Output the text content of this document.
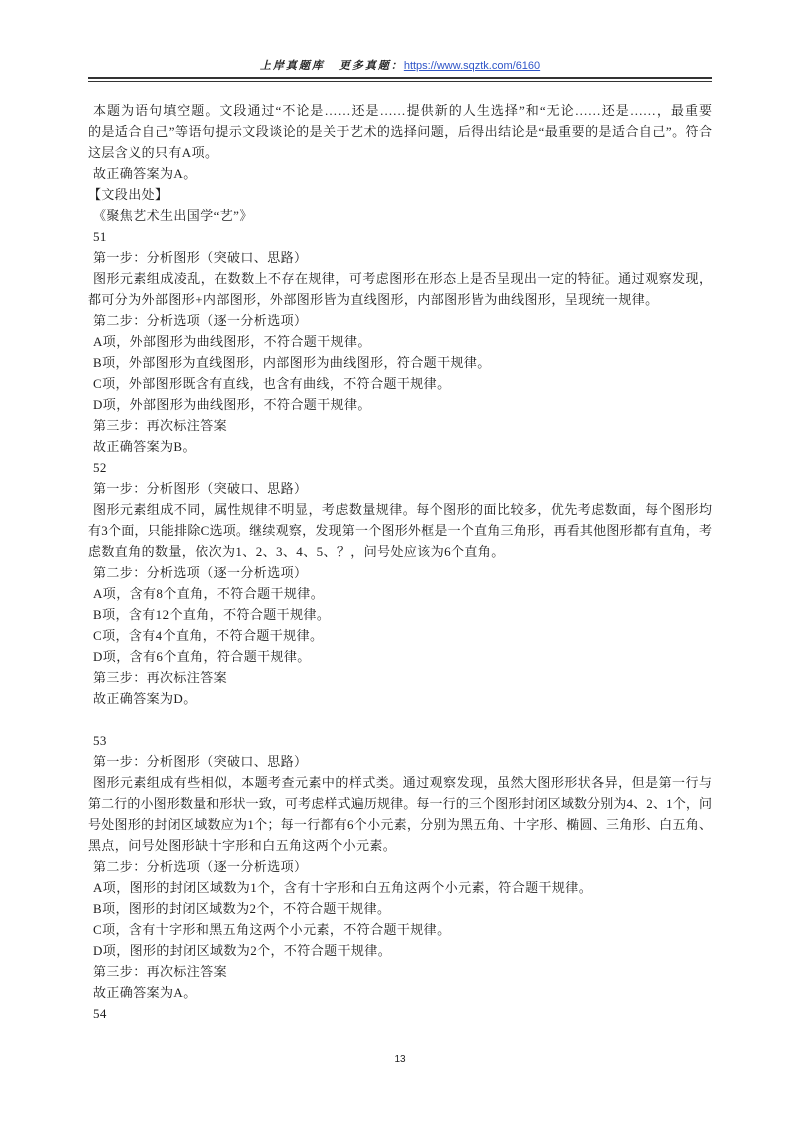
上岸真题库 更多真题：https://www.sqztk.com/6160
本题为语句填空题。文段通过“不论是……还是……提供新的人生选择”和“无论……还是……，最重要
的是适合自己”等语句提示文段谈论的是关于艺术的选择问题，后得出结论是“最重要的是适合自己”。符合
这层含义的只有A项。
故正确答案为A。
【文段出处】
《聚焦艺术生出国学“艺”》
51
第一步：分析图形（突破口、思路）
图形元素组成凌乱，在数数上不存在规律，可考虑图形在形态上是否呈现出一定的特征。通过观察发现，
都可分为外部图形+内部图形，外部图形皆为直线图形，内部图形皆为曲线图形，呈现统一规律。
第二步：分析选项（逐一分析选项）
A项，外部图形为曲线图形，不符合题干规律。
B项，外部图形为直线图形，内部图形为曲线图形，符合题干规律。
C项，外部图形既含有直线，也含有曲线，不符合题干规律。
D项，外部图形为曲线图形，不符合题干规律。
第三步：再次标注答案
故正确答案为B。
52
第一步：分析图形（突破口、思路）
图形元素组成不同，属性规律不明显，考虑数量规律。每个图形的面比较多，优先考虑数面，每个图形均
有3个面，只能排除C选项。继续观察，发现第一个图形外框是一个直角三角形，再看其他图形都有直角，考
虑数直角的数量，依次为1、2、3、4、5、？，问号处应该为6个直角。
第二步：分析选项（逐一分析选项）
A项，含有8个直角，不符合题干规律。
B项，含有12个直角，不符合题干规律。
C项，含有4个直角，不符合题干规律。
D项，含有6个直角，符合题干规律。
第三步：再次标注答案
故正确答案为D。
53
第一步：分析图形（突破口、思路）
图形元素组成有些相似，本题考查元素中的样式类。通过观察发现，虽然大图形形状各异，但是第一行与
第二行的小图形数量和形状一致，可考虑样式遍历规律。每一行的三个图形封闭区域数分别为4、2、1个，问
号处图形的封闭区域数应为1个；每一行都有6个小元素，分别为黑五角、十字形、椭圆、三角形、白五角、
黑点，问号处图形缺十字形和白五角这两个小元素。
第二步：分析选项（逐一分析选项）
A项，图形的封闭区域数为1个，含有十字形和白五角这两个小元素，符合题干规律。
B项，图形的封闭区域数为2个，不符合题干规律。
C项，含有十字形和黑五角这两个小元素，不符合题干规律。
D项，图形的封闭区域数为2个，不符合题干规律。
第三步：再次标注答案
故正确答案为A。
54
13
